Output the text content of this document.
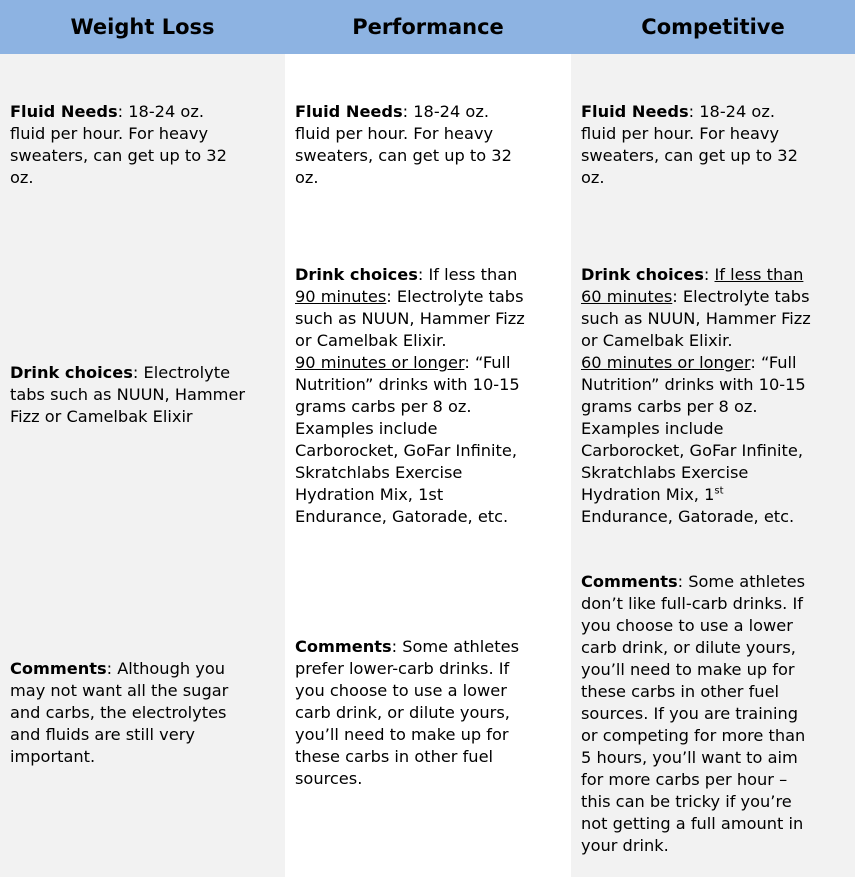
Weight Loss	Performance	Competitive
Fluid Needs: 18-24 oz.
fluid per hour. For heavy
sweaters, can get up to 32
oz.
Drink choices: Electrolyte
tabs such as NUUN, Hammer
Fizz or Camelbak Elixir
Comments: Although you
may not want all the sugar
and carbs, the electrolytes
and fluids are still very
important.
Fluid Needs: 18-24 oz.
fluid per hour. For heavy
sweaters, can get up to 32
oz.
Drink choices: If less than
90 minutes: Electrolyte tabs
such as NUUN, Hammer Fizz
or Camelbak Elixir.
90 minutes or longer: “Full
Nutrition” drinks with 10-15
grams carbs per 8 oz.
Examples include
Carborocket, GoFar Infinite,
Skratchlabs Exercise
Hydration Mix, 1st
Endurance, Gatorade, etc.
Comments: Some athletes
prefer lower-carb drinks. If
you choose to use a lower
carb drink, or dilute yours,
you’ll need to make up for
these carbs in other fuel
sources.
Fluid Needs: 18-24 oz.
fluid per hour. For heavy
sweaters, can get up to 32
oz.
Drink choices: If less than
60 minutes: Electrolyte tabs
such as NUUN, Hammer Fizz
or Camelbak Elixir.
60 minutes or longer: “Full
Nutrition” drinks with 10-15
grams carbs per 8 oz.
Examples include
Carborocket, GoFar Infinite,
Skratchlabs Exercise
Hydration Mix, 1st
Endurance, Gatorade, etc.
Comments: Some athletes
don’t like full-carb drinks. If
you choose to use a lower
carb drink, or dilute yours,
you’ll need to make up for
these carbs in other fuel
sources. If you are training
or competing for more than
5 hours, you’ll want to aim
for more carbs per hour –
this can be tricky if you’re
not getting a full amount in
your drink.
